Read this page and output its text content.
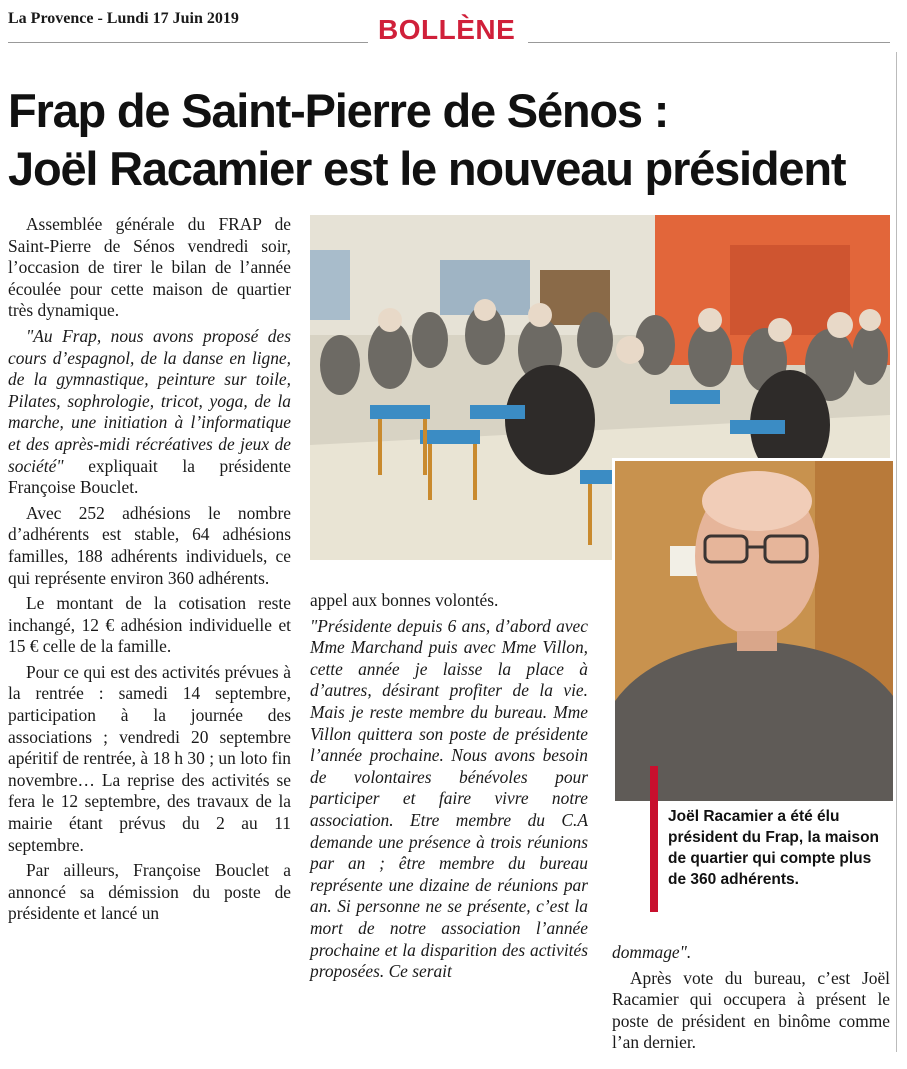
La Provence - Lundi 17 Juin 2019	BOLLÈNE
Frap de Saint-Pierre de Sénos :
Joël Racamier est le nouveau président

Assemblée générale du FRAP de Saint-Pierre de Sénos vendredi soir, l’occasion de tirer le bilan de l’année écoulée pour cette maison de quartier très dynamique.

"Au Frap, nous avons proposé des cours d’espagnol, de la danse en ligne, de la gymnastique, peinture sur toile, Pilates, sophrologie, tricot, yoga, de la marche, une initiation à l’informatique et des après-midi récréatives de jeux de société" expliquait la présidente Françoise Bouclet.

Avec 252 adhésions le nombre d’adhérents est stable, 64 adhésions familles, 188 adhérents individuels, ce qui représente environ 360 adhérents.

Le montant de la cotisation reste inchangé, 12 € adhésion individuelle et 15 € celle de la famille.

Pour ce qui est des activités prévues à la rentrée : samedi 14 septembre, participation à la journée des associations ; vendredi 20 septembre apéritif de rentrée, à 18 h 30 ; un loto fin novembre… La reprise des activités se fera le 12 septembre, des travaux de la mairie étant prévus du 2 au 11 septembre.

Par ailleurs, Françoise Bouclet a annoncé sa démission du poste de présidente et lancé un

appel aux bonnes volontés.

"Présidente depuis 6 ans, d’abord avec Mme Marchand puis avec Mme Villon, cette année je laisse la place à d’autres, désirant profiter de la vie. Mais je reste membre du bureau. Mme Villon quittera son poste de présidente l’année prochaine. Nous avons besoin de volontaires bénévoles pour participer et faire vivre notre association. Etre membre du C.A demande une présence à trois réunions par an ; être membre du bureau représente une dizaine de réunions par an. Si personne ne se présente, c’est la mort de notre association l’année prochaine et la disparition des activités proposées. Ce serait

dommage".

Après vote du bureau, c’est Joël Racamier qui occupera à présent le poste de président en binôme comme l’an dernier.

Joël Racamier a été élu président du Frap, la maison de quartier qui compte plus de 360 adhérents.
